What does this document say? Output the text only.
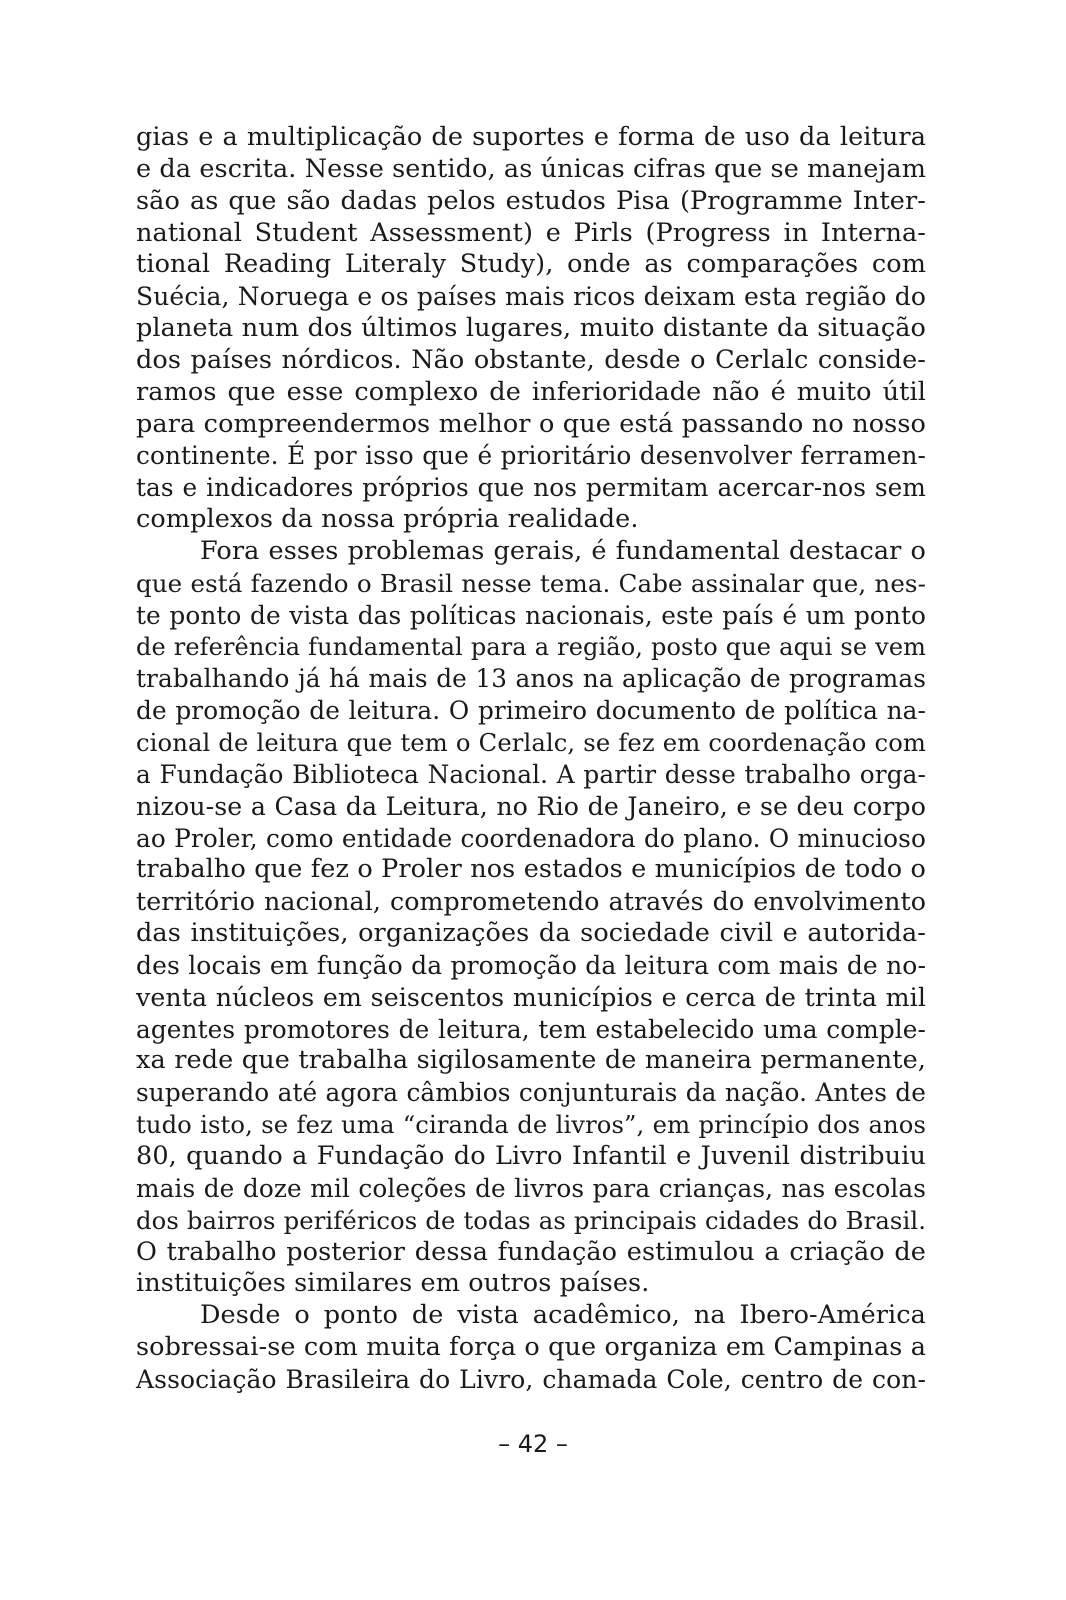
gias e a multiplicação de suportes e forma de uso da leitura
e da escrita. Nesse sentido, as únicas cifras que se manejam
são as que são dadas pelos estudos Pisa (Programme Inter-
national Student Assessment) e Pirls (Progress in Interna-
tional Reading Literaly Study), onde as comparações com
Suécia, Noruega e os países mais ricos deixam esta região do
planeta num dos últimos lugares, muito distante da situação
dos países nórdicos. Não obstante, desde o Cerlalc conside-
ramos que esse complexo de inferioridade não é muito útil
para compreendermos melhor o que está passando no nosso
continente. É por isso que é prioritário desenvolver ferramen-
tas e indicadores próprios que nos permitam acercar-nos sem
complexos da nossa própria realidade.
Fora esses problemas gerais, é fundamental destacar o
que está fazendo o Brasil nesse tema. Cabe assinalar que, nes-
te ponto de vista das políticas nacionais, este país é um ponto
de referência fundamental para a região, posto que aqui se vem
trabalhando já há mais de 13 anos na aplicação de programas
de promoção de leitura. O primeiro documento de política na-
cional de leitura que tem o Cerlalc, se fez em coordenação com
a Fundação Biblioteca Nacional. A partir desse trabalho orga-
nizou-se a Casa da Leitura, no Rio de Janeiro, e se deu corpo
ao Proler, como entidade coordenadora do plano. O minucioso
trabalho que fez o Proler nos estados e municípios de todo o
território nacional, comprometendo através do envolvimento
das instituições, organizações da sociedade civil e autorida-
des locais em função da promoção da leitura com mais de no-
venta núcleos em seiscentos municípios e cerca de trinta mil
agentes promotores de leitura, tem estabelecido uma comple-
xa rede que trabalha sigilosamente de maneira permanente,
superando até agora câmbios conjunturais da nação. Antes de
tudo isto, se fez uma “ciranda de livros”, em princípio dos anos
80, quando a Fundação do Livro Infantil e Juvenil distribuiu
mais de doze mil coleções de livros para crianças, nas escolas
dos bairros periféricos de todas as principais cidades do Brasil.
O trabalho posterior dessa fundação estimulou a criação de
instituições similares em outros países.
Desde o ponto de vista acadêmico, na Ibero-América
sobressai-se com muita força o que organiza em Campinas a
Associação Brasileira do Livro, chamada Cole, centro de con-
– 42 –
